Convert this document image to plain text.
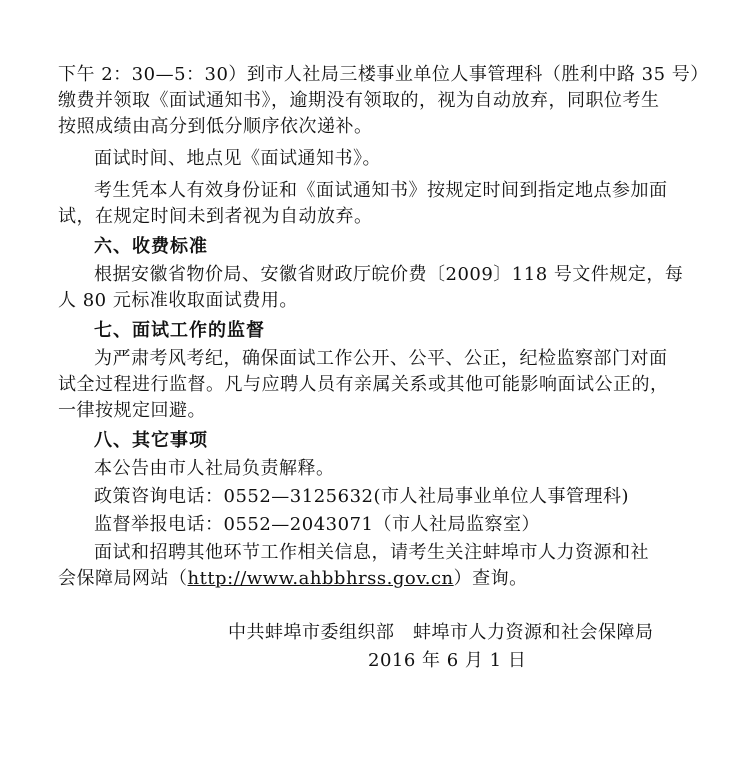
下午 2：30—5：30）到市人社局三楼事业单位人事管理科（胜利中路 35 号）
缴费并领取《面试通知书》，逾期没有领取的，视为自动放弃，同职位考生
按照成绩由高分到低分顺序依次递补。
面试时间、地点见《面试通知书》。
考生凭本人有效身份证和《面试通知书》按规定时间到指定地点参加面
试，在规定时间未到者视为自动放弃。
六、收费标准
根据安徽省物价局、安徽省财政厅皖价费〔2009〕118 号文件规定，每
人 80 元标准收取面试费用。
七、面试工作的监督
为严肃考风考纪，确保面试工作公开、公平、公正，纪检监察部门对面
试全过程进行监督。凡与应聘人员有亲属关系或其他可能影响面试公正的，
一律按规定回避。
八、其它事项
本公告由市人社局负责解释。
政策咨询电话：0552—3125632(市人社局事业单位人事管理科)
监督举报电话：0552—2043071（市人社局监察室）
面试和招聘其他环节工作相关信息，请考生关注蚌埠市人力资源和社
会保障局网站（http://www.ahbbhrss.gov.cn）查询。
中共蚌埠市委组织部　蚌埠市人力资源和社会保障局
2016 年 6 月 1 日
